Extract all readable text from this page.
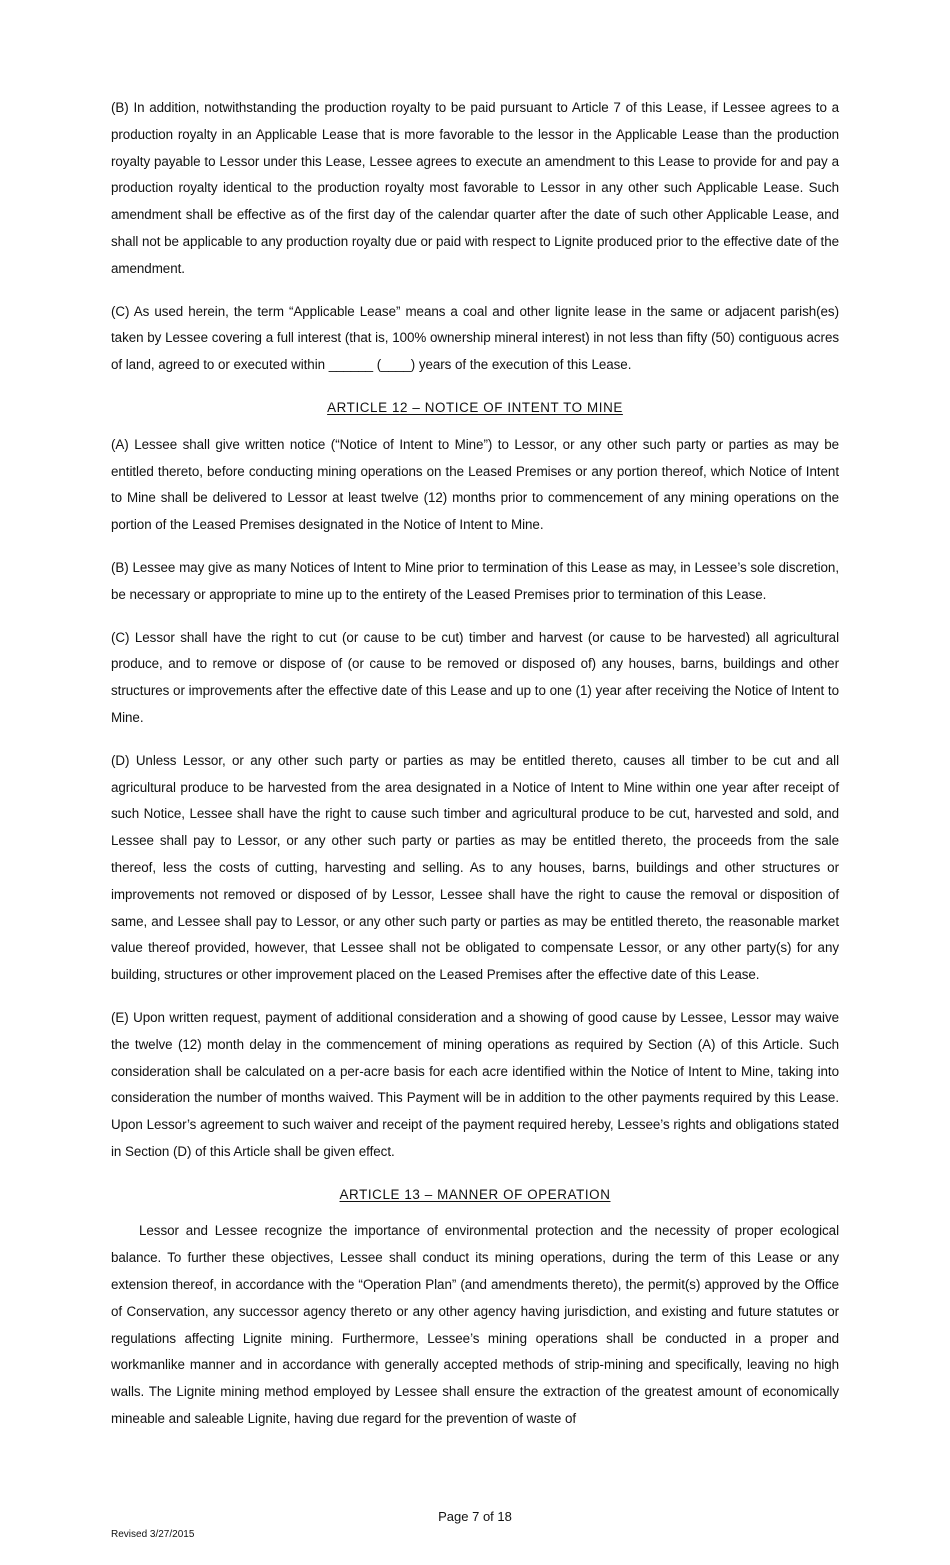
(B) In addition, notwithstanding the production royalty to be paid pursuant to Article 7 of this Lease, if Lessee agrees to a production royalty in an Applicable Lease that is more favorable to the lessor in the Applicable Lease than the production royalty payable to Lessor under this Lease, Lessee agrees to execute an amendment to this Lease to provide for and pay a production royalty identical to the production royalty most favorable to Lessor in any other such Applicable Lease. Such amendment shall be effective as of the first day of the calendar quarter after the date of such other Applicable Lease, and shall not be applicable to any production royalty due or paid with respect to Lignite produced prior to the effective date of the amendment.

(C) As used herein, the term “Applicable Lease” means a coal and other lignite lease in the same or adjacent parish(es) taken by Lessee covering a full interest (that is, 100% ownership mineral interest) in not less than fifty (50) contiguous acres of land, agreed to or executed within ______ (____) years of the execution of this Lease.

ARTICLE 12 – NOTICE OF INTENT TO MINE

(A) Lessee shall give written notice (“Notice of Intent to Mine”) to Lessor, or any other such party or parties as may be entitled thereto, before conducting mining operations on the Leased Premises or any portion thereof, which Notice of Intent to Mine shall be delivered to Lessor at least twelve (12) months prior to commencement of any mining operations on the portion of the Leased Premises designated in the Notice of Intent to Mine.

(B) Lessee may give as many Notices of Intent to Mine prior to termination of this Lease as may, in Lessee’s sole discretion, be necessary or appropriate to mine up to the entirety of the Leased Premises prior to termination of this Lease.

(C) Lessor shall have the right to cut (or cause to be cut) timber and harvest (or cause to be harvested) all agricultural produce, and to remove or dispose of (or cause to be removed or disposed of) any houses, barns, buildings and other structures or improvements after the effective date of this Lease and up to one (1) year after receiving the Notice of Intent to Mine.

(D) Unless Lessor, or any other such party or parties as may be entitled thereto, causes all timber to be cut and all agricultural produce to be harvested from the area designated in a Notice of Intent to Mine within one year after receipt of such Notice, Lessee shall have the right to cause such timber and agricultural produce to be cut, harvested and sold, and Lessee shall pay to Lessor, or any other such party or parties as may be entitled thereto, the proceeds from the sale thereof, less the costs of cutting, harvesting and selling. As to any houses, barns, buildings and other structures or improvements not removed or disposed of by Lessor, Lessee shall have the right to cause the removal or disposition of same, and Lessee shall pay to Lessor, or any other such party or parties as may be entitled thereto, the reasonable market value thereof provided, however, that Lessee shall not be obligated to compensate Lessor, or any other party(s) for any building, structures or other improvement placed on the Leased Premises after the effective date of this Lease.

(E) Upon written request, payment of additional consideration and a showing of good cause by Lessee, Lessor may waive the twelve (12) month delay in the commencement of mining operations as required by Section (A) of this Article. Such consideration shall be calculated on a per-acre basis for each acre identified within the Notice of Intent to Mine, taking into consideration the number of months waived. This Payment will be in addition to the other payments required by this Lease. Upon Lessor’s agreement to such waiver and receipt of the payment required hereby, Lessee’s rights and obligations stated in Section (D) of this Article shall be given effect.

ARTICLE 13 – MANNER OF OPERATION

Lessor and Lessee recognize the importance of environmental protection and the necessity of proper ecological balance. To further these objectives, Lessee shall conduct its mining operations, during the term of this Lease or any extension thereof, in accordance with the “Operation Plan” (and amendments thereto), the permit(s) approved by the Office of Conservation, any successor agency thereto or any other agency having jurisdiction, and existing and future statutes or regulations affecting Lignite mining. Furthermore, Lessee’s mining operations shall be conducted in a proper and workmanlike manner and in accordance with generally accepted methods of strip-mining and specifically, leaving no high walls. The Lignite mining method employed by Lessee shall ensure the extraction of the greatest amount of economically mineable and saleable Lignite, having due regard for the prevention of waste of

Page 7 of 18
Revised 3/27/2015
